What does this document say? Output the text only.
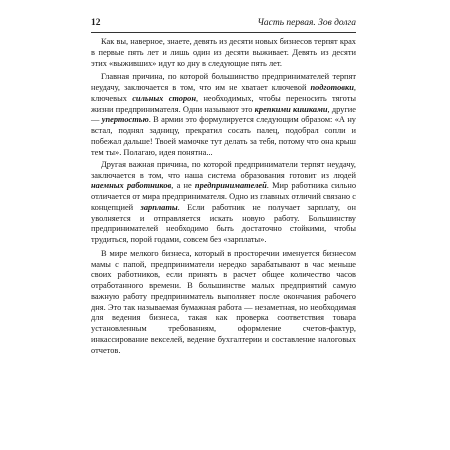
12	Часть первая. Зов долга

Как вы, наверное, знаете, девять из десяти новых бизнесов терпят крах в первые пять лет и лишь один из десяти выживает. Девять из десяти этих «выживших» идут ко дну в следующие пять лет.

Главная причина, по которой большинство предпринимателей терпят неудачу, заключается в том, что им не хватает ключевой подготовки, ключевых сильных сторон, необходимых, чтобы переносить тяготы жизни предпринимателя. Одни называют это крепкими кишками, другие — упертостью. В армии это формулируется следующим образом: «А ну встал, поднял задницу, прекратил сосать палец, подобрал сопли и побежал дальше! Твоей мамочке тут делать за тебя, потому что она крыш тем ты». Полагаю, идея понятна...

Другая важная причина, по которой предприниматели терпят неудачу, заключается в том, что наша система образования готовит из людей наемных работников, а не предпринимателей. Мир работника сильно отличается от мира предпринимателя. Одно из главных отличий связано с концепцией зарплаты. Если работник не получает зарплату, он уволняется и отправляется искать новую работу. Большинству предпринимателей необходимо быть достаточно стойкими, чтобы трудиться, порой годами, совсем без «зарплаты».

В мире мелкого бизнеса, который в просторечии именуется бизнесом мамы с папой, предприниматели нередко зарабатывают в час меньше своих работников, если принять в расчет общее количество часов отработанного времени. В большинстве малых предприятий самую важную работу предприниматель выполняет после окончания рабочего дня. Это так называемая бумажная работа — незаметная, но необходимая для ведения бизнеса, такая как проверка соответствия товара установленным требованиям, оформление счетов-фактур, инкассирование векселей, ведение бухгалтерии и составление налоговых отчетов.
